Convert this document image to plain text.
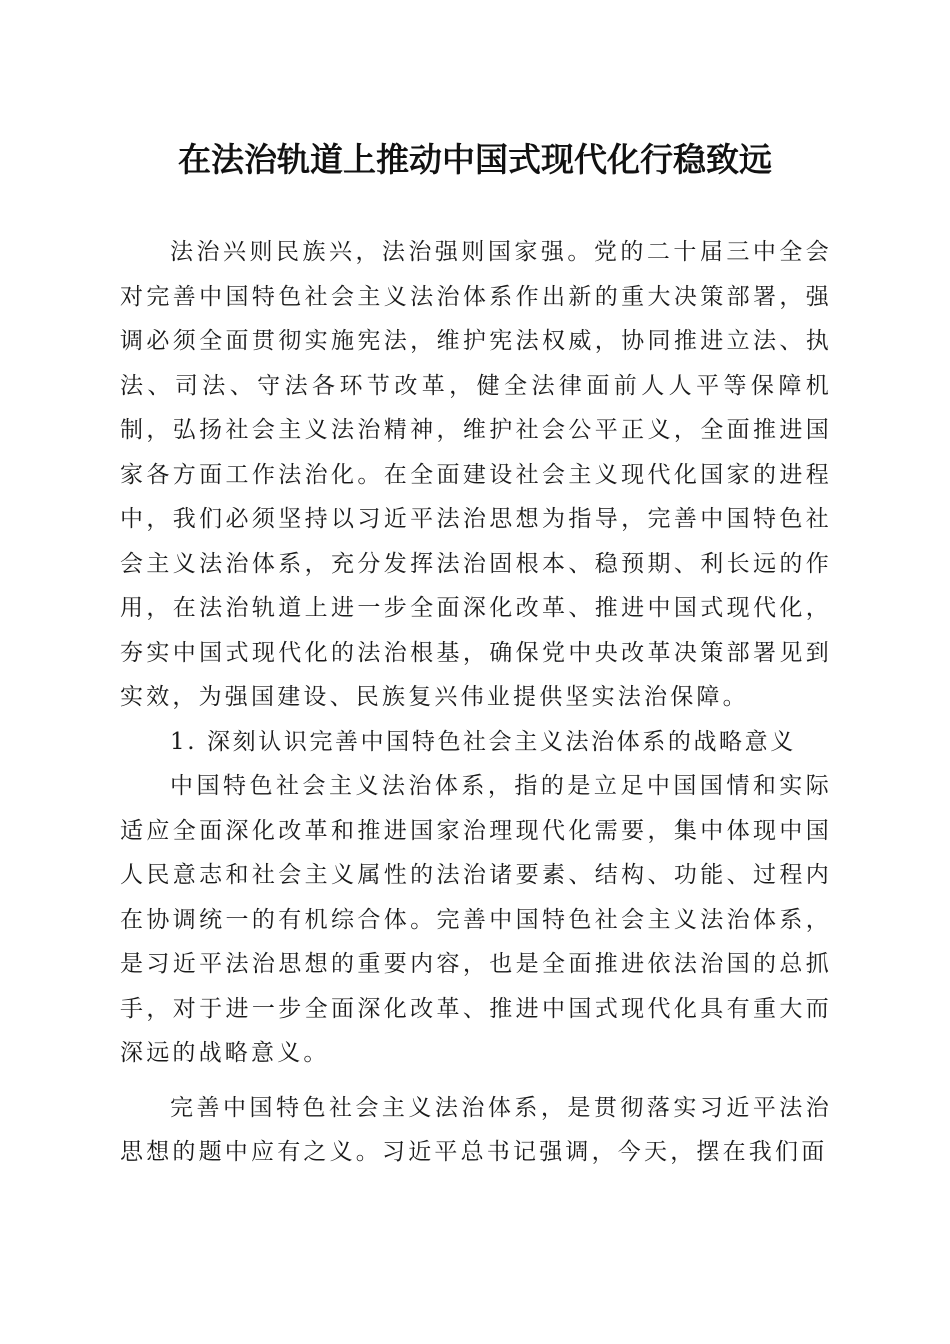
在法治轨道上推动中国式现代化行稳致远

法治兴则民族兴，法治强则国家强。党的二十届三中全会对完善中国特色社会主义法治体系作出新的重大决策部署，强调必须全面贯彻实施宪法，维护宪法权威，协同推进立法、执法、司法、守法各环节改革，健全法律面前人人平等保障机制，弘扬社会主义法治精神，维护社会公平正义，全面推进国家各方面工作法治化。在全面建设社会主义现代化国家的进程中，我们必须坚持以习近平法治思想为指导，完善中国特色社会主义法治体系，充分发挥法治固根本、稳预期、利长远的作用，在法治轨道上进一步全面深化改革、推进中国式现代化，夯实中国式现代化的法治根基，确保党中央改革决策部署见到实效，为强国建设、民族复兴伟业提供坚实法治保障。

1. 深刻认识完善中国特色社会主义法治体系的战略意义

中国特色社会主义法治体系，指的是立足中国国情和实际适应全面深化改革和推进国家治理现代化需要，集中体现中国人民意志和社会主义属性的法治诸要素、结构、功能、过程内在协调统一的有机综合体。完善中国特色社会主义法治体系，是习近平法治思想的重要内容，也是全面推进依法治国的总抓手，对于进一步全面深化改革、推进中国式现代化具有重大而深远的战略意义。

完善中国特色社会主义法治体系，是贯彻落实习近平法治思想的题中应有之义。习近平总书记强调，今天，摆在我们面
